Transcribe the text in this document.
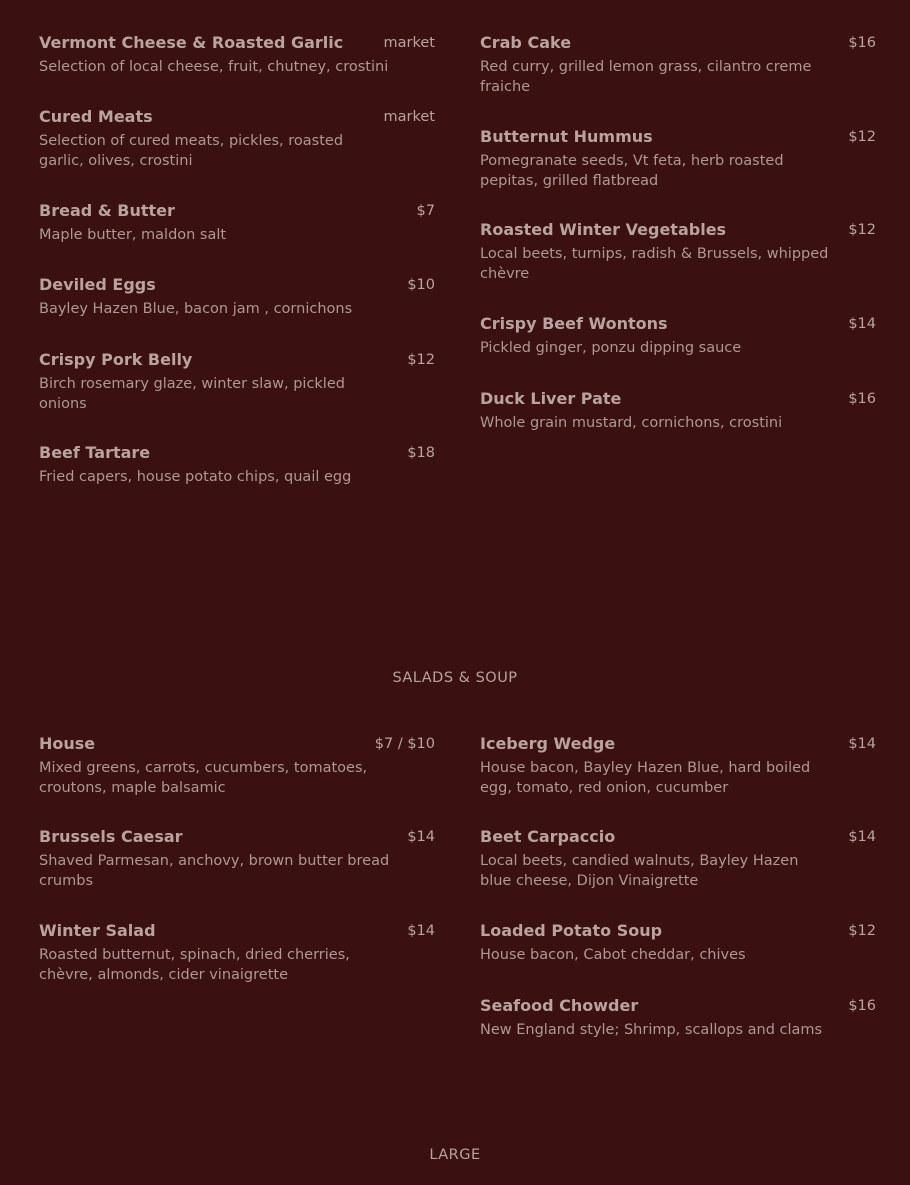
Vermont Cheese & Roasted Garlic	market
Selection of local cheese, fruit, chutney, crostini
Cured Meats	market
Selection of cured meats, pickles, roasted garlic, olives, crostini
Bread & Butter	$7
Maple butter, maldon salt
Deviled Eggs	$10
Bayley Hazen Blue, bacon jam , cornichons
Crispy Pork Belly	$12
Birch rosemary glaze, winter slaw, pickled onions
Beef Tartare	$18
Fried capers, house potato chips, quail egg
Crab Cake	$16
Red curry, grilled lemon grass, cilantro creme fraiche
Butternut Hummus	$12
Pomegranate seeds, Vt feta, herb roasted pepitas, grilled flatbread
Roasted Winter Vegetables	$12
Local beets, turnips, radish & Brussels, whipped chèvre
Crispy Beef Wontons	$14
Pickled ginger, ponzu dipping sauce
Duck Liver Pate	$16
Whole grain mustard, cornichons, crostini
SALADS & SOUP
House	$7 / $10
Mixed greens, carrots, cucumbers, tomatoes, croutons, maple balsamic
Brussels Caesar	$14
Shaved Parmesan, anchovy, brown butter bread crumbs
Winter Salad	$14
Roasted butternut, spinach, dried cherries, chèvre, almonds, cider vinaigrette
Iceberg Wedge	$14
House bacon, Bayley Hazen Blue, hard boiled egg, tomato, red onion, cucumber
Beet Carpaccio	$14
Local beets, candied walnuts, Bayley Hazen blue cheese, Dijon Vinaigrette
Loaded Potato Soup	$12
House bacon, Cabot cheddar, chives
Seafood Chowder	$16
New England style; Shrimp, scallops and clams
LARGE
